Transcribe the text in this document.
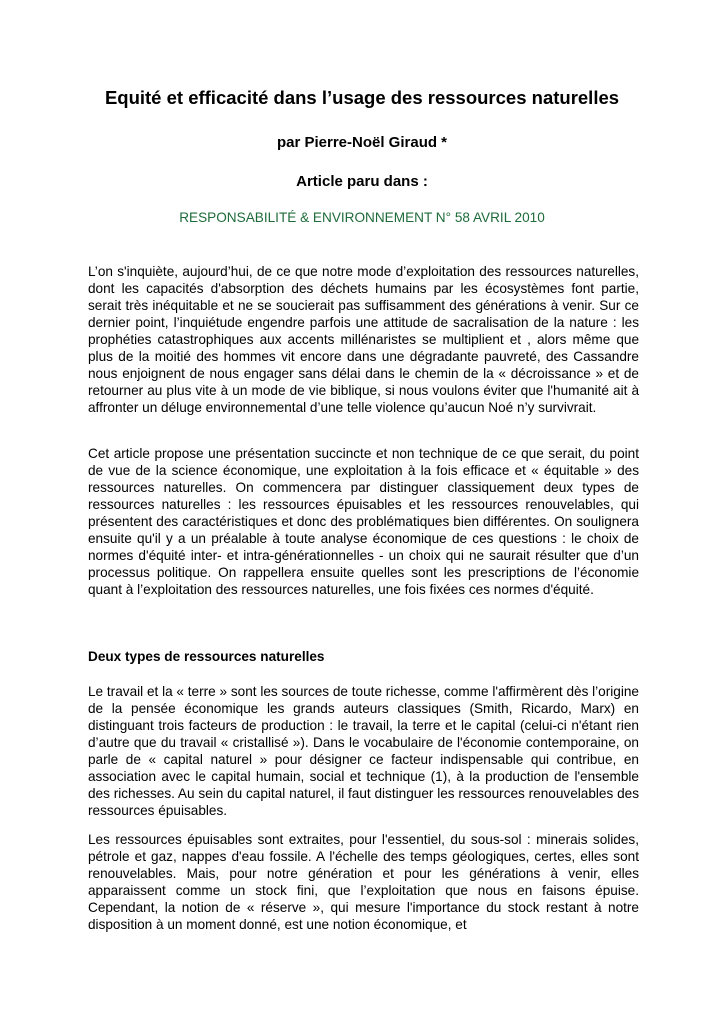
Equité et efficacité dans l’usage des ressources naturelles
par Pierre-Noël Giraud *
Article paru dans :
RESPONSABILITÉ & ENVIRONNEMENT N° 58 AVRIL 2010

L’on s'inquiète, aujourd’hui, de ce que notre mode d’exploitation des ressources naturelles, dont les capacités d'absorption des déchets humains par les écosystèmes font partie, serait très inéquitable et ne se soucierait pas suffisamment des générations à venir. Sur ce dernier point, l’inquiétude engendre parfois une attitude de sacralisation de la nature : les prophéties catastrophiques aux accents millénaristes se multiplient et , alors même que plus de la moitié des hommes vit encore dans une dégradante pauvreté, des Cassandre nous enjoignent de nous engager sans délai dans le chemin de la « décroissance » et de retourner au plus vite à un mode de vie biblique, si nous voulons éviter que l'humanité ait à affronter un déluge environnemental d’une telle violence qu’aucun Noé n’y survivrait.

Cet article propose une présentation succincte et non technique de ce que serait, du point de vue de la science économique, une exploitation à la fois efficace et « équitable » des ressources naturelles. On commencera par distinguer classiquement deux types de ressources naturelles : les ressources épuisables et les ressources renouvelables, qui présentent des caractéristiques et donc des problématiques bien différentes. On soulignera ensuite qu'il y a un préalable à toute analyse économique de ces questions : le choix de normes d'équité inter- et intra-générationnelles - un choix qui ne saurait résulter que d’un processus politique. On rappellera ensuite quelles sont les prescriptions de l’économie quant à l’exploitation des ressources naturelles, une fois fixées ces normes d'équité.

Deux types de ressources naturelles

Le travail et la « terre » sont les sources de toute richesse, comme l'affirmèrent dès l’origine de la pensée économique les grands auteurs classiques (Smith, Ricardo, Marx) en distinguant trois facteurs de production : le travail, la terre et le capital (celui-ci n'étant rien d’autre que du travail « cristallisé »). Dans le vocabulaire de l'économie contemporaine, on parle de « capital naturel » pour désigner ce facteur indispensable qui contribue, en association avec le capital humain, social et technique (1), à la production de l'ensemble des richesses. Au sein du capital naturel, il faut distinguer les ressources renouvelables des ressources épuisables.

Les ressources épuisables sont extraites, pour l'essentiel, du sous-sol : minerais solides, pétrole et gaz, nappes d'eau fossile. A l'échelle des temps géologiques, certes, elles sont renouvelables. Mais, pour notre génération et pour les générations à venir, elles apparaissent comme un stock fini, que l’exploitation que nous en faisons épuise. Cependant, la notion de « réserve », qui mesure l'importance du stock restant à notre disposition à un moment donné, est une notion économique, et
